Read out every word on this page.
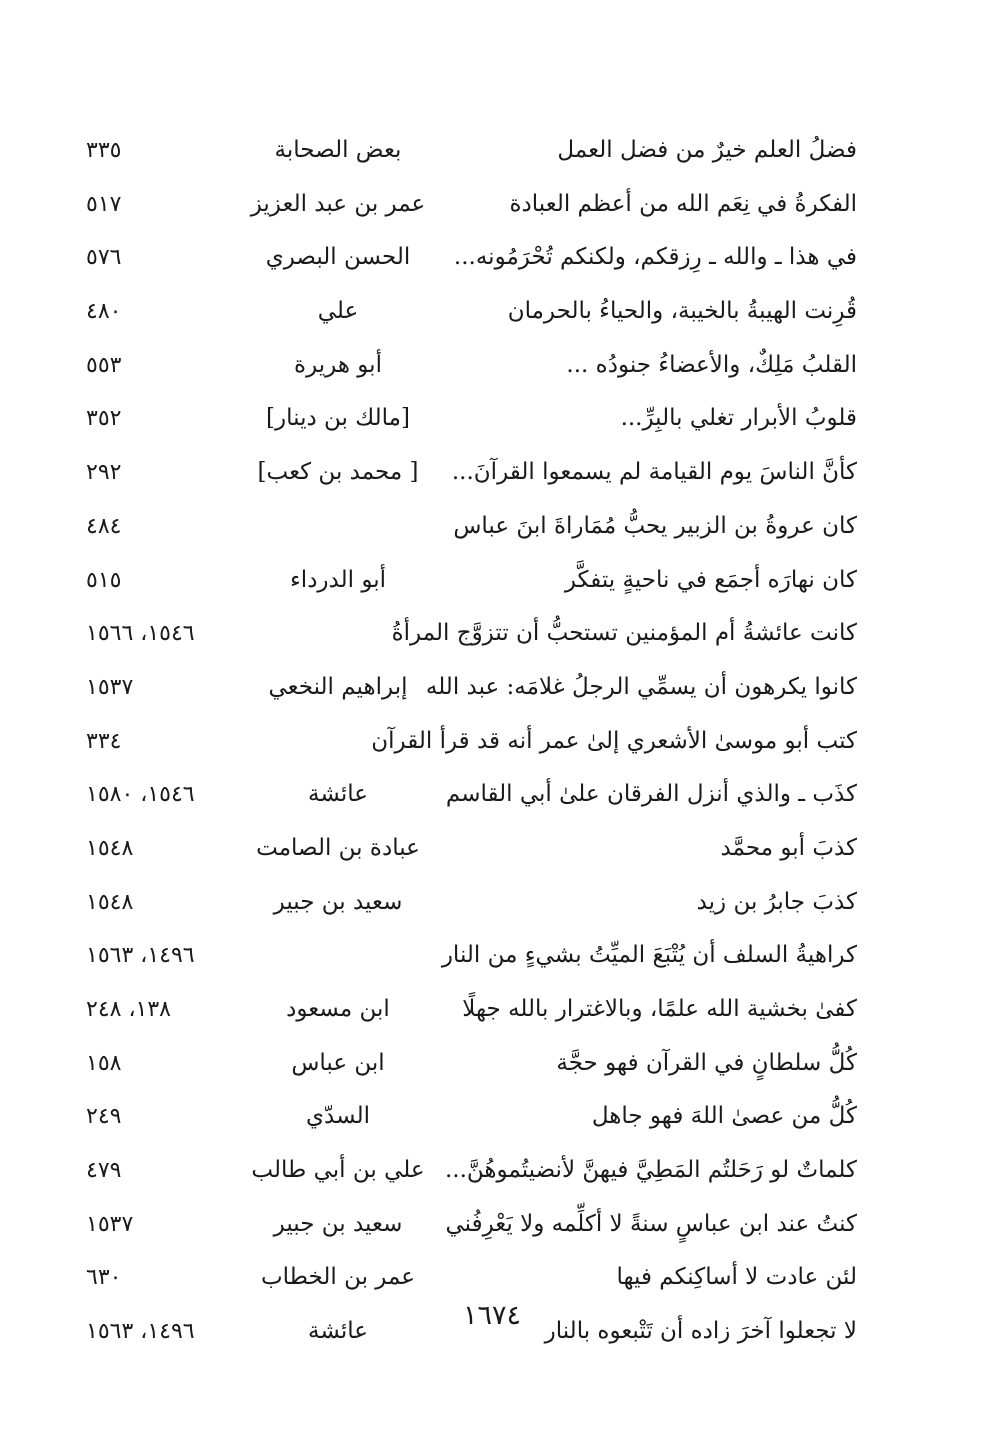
فضلُ العلم خيرٌ من فضل العمل
بعض الصحابة
٣٣٥
الفكرةُ في نِعَم الله من أعظم العبادة
عمر بن عبد العزيز
٥١٧
في هذا ـ والله ـ رِزقكم، ولكنكم تُحْرَمُونه...
الحسن البصري
٥٧٦
قُرِنت الهيبةُ بالخيبة، والحياءُ بالحرمان
علي
٤٨٠
القلبُ مَلِكٌ، والأعضاءُ جنودُه ...
أبو هريرة
٥٥٣
قلوبُ الأبرار تغلي بالبِرِّ...
[مالك بن دينار]
٣٥٢
كأنَّ الناسَ يوم القيامة لم يسمعوا القرآنَ...
[ محمد بن كعب]
٢٩٢
كان عروةُ بن الزبير يحبُّ مُمَاراةَ ابنَ عباس
٤٨٤
كان نهارَه أجمَع في ناحيةٍ يتفكَّر
أبو الدرداء
٥١٥
كانت عائشةُ أم المؤمنين تستحبُّ أن تتزوَّج المرأةُ
١٥٤٦، ١٥٦٦
كانوا يكرهون أن يسمِّي الرجلُ غلامَه: عبد الله
إبراهيم النخعي
١٥٣٧
كتب أبو موسىٰ الأشعري إلىٰ عمر أنه قد قرأ القرآن
٣٣٤
كذَب ـ والذي أنزل الفرقان علىٰ أبي القاسم
عائشة
١٥٤٦، ١٥٨٠
كذبَ أبو محمَّد
عبادة بن الصامت
١٥٤٨
كذبَ جابرُ بن زيد
سعيد بن جبير
١٥٤٨
كراهيةُ السلف أن يُتْبَعَ الميِّتُ بشيءٍ من النار
١٤٩٦، ١٥٦٣
كفىٰ بخشية الله علمًا، وبالاغترار بالله جهلًا
ابن مسعود
١٣٨، ٢٤٨
كُلُّ سلطانٍ في القرآن فهو حجَّة
ابن عباس
١٥٨
كُلُّ من عصىٰ اللهَ فهو جاهل
السدّي
٢٤٩
كلماتٌ لو رَحَلتُم المَطِيَّ فيهنَّ لأنضيتُموهُنَّ...
علي بن أبي طالب
٤٧٩
كنتُ عند ابن عباسٍ سنةً لا أكلِّمه ولا يَعْرِفُني
سعيد بن جبير
١٥٣٧
لئن عادت لا أساكِنكم فيها
عمر بن الخطاب
٦٣٠
لا تجعلوا آخرَ زاده أن تَتْبعوه بالنار
عائشة
١٤٩٦، ١٥٦٣
١٦٧٤
